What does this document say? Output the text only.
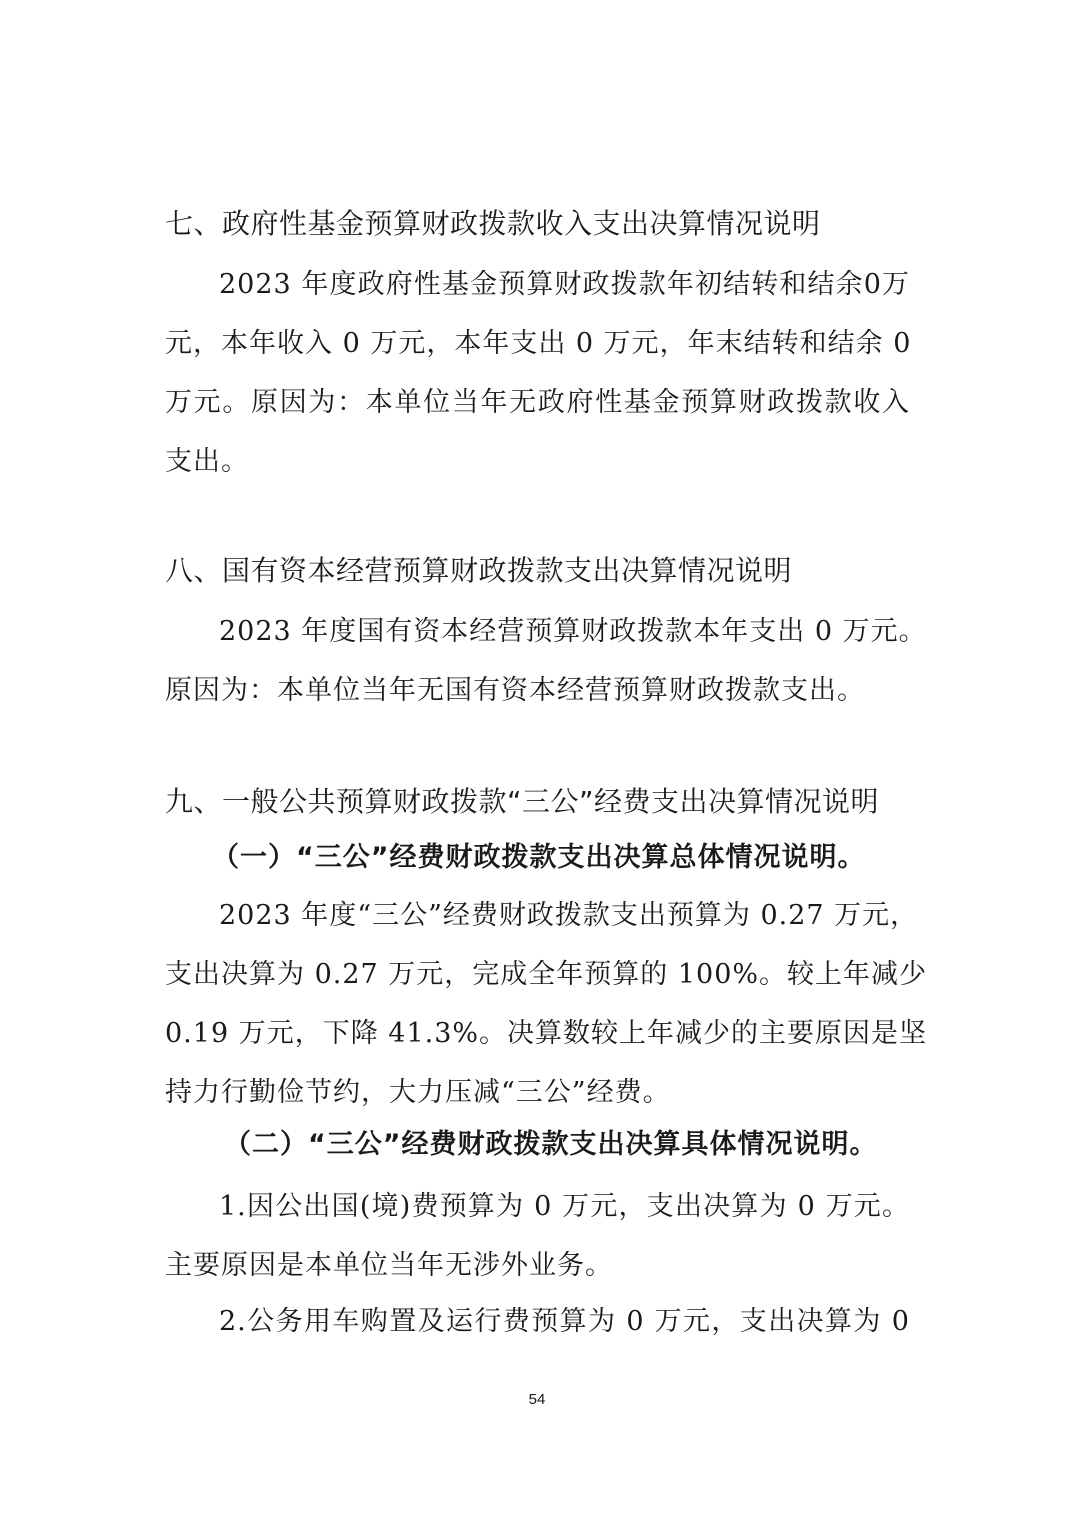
七、政府性基金预算财政拨款收入支出决算情况说明
2023 年度政府性基金预算财政拨款年初结转和结余0万
元，本年收入 0 万元，本年支出 0 万元，年末结转和结余 0
万元。原因为：本单位当年无政府性基金预算财政拨款收入
支出。
八、国有资本经营预算财政拨款支出决算情况说明
2023 年度国有资本经营预算财政拨款本年支出 0 万元。
原因为：本单位当年无国有资本经营预算财政拨款支出。
九、一般公共预算财政拨款“三公”经费支出决算情况说明
（一）“三公”经费财政拨款支出决算总体情况说明。
2023 年度“三公”经费财政拨款支出预算为 0.27 万元，
支出决算为 0.27 万元，完成全年预算的 100%。较上年减少
0.19 万元，下降 41.3%。决算数较上年减少的主要原因是坚
持力行勤俭节约，大力压减“三公”经费。
（二）“三公”经费财政拨款支出决算具体情况说明。
1.因公出国(境)费预算为 0 万元，支出决算为 0 万元。
主要原因是本单位当年无涉外业务。
2.公务用车购置及运行费预算为 0 万元，支出决算为 0
54
